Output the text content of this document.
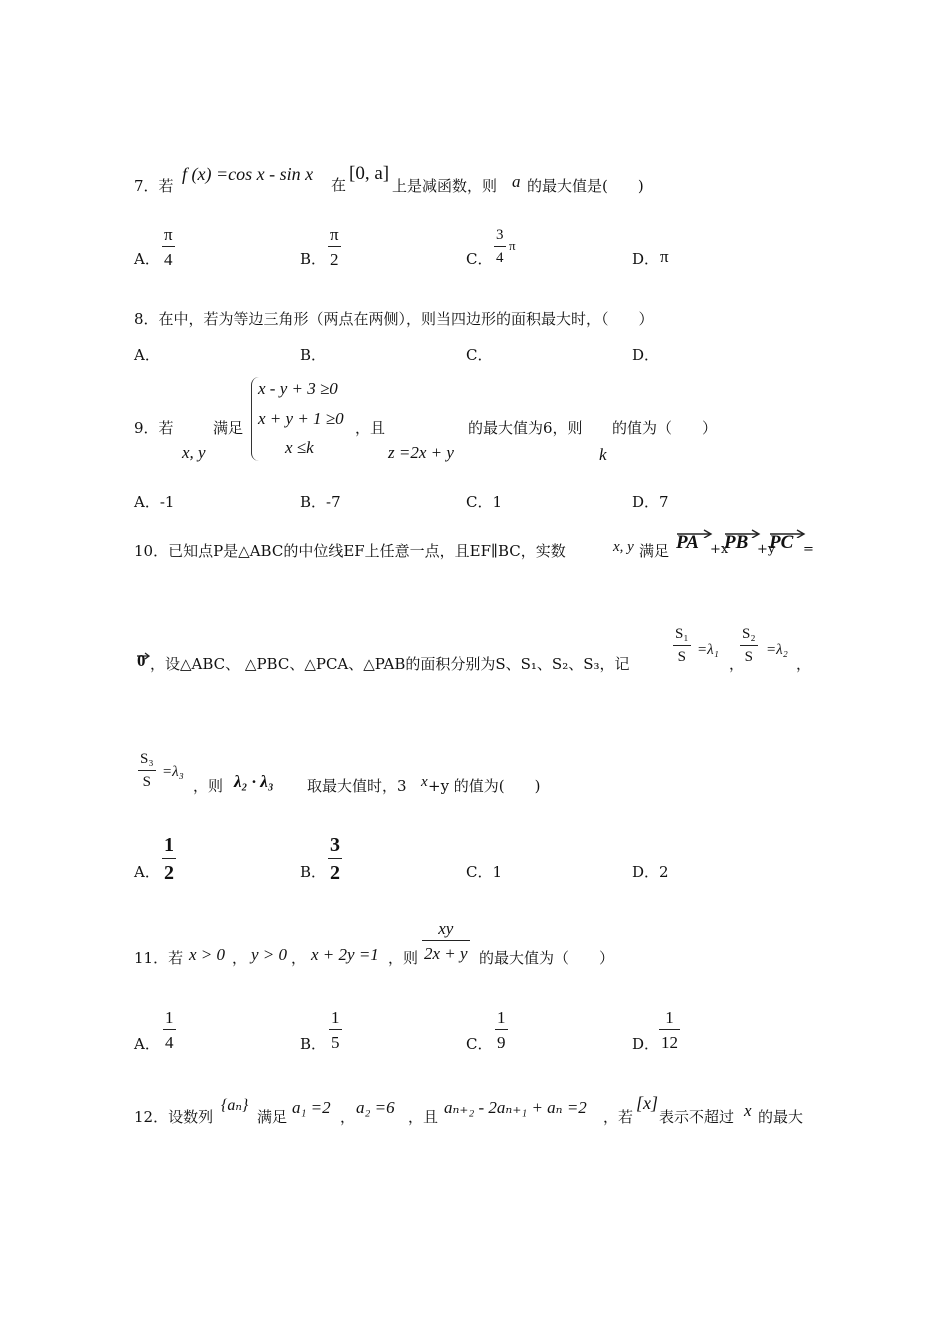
7．若
f (x) =cos x - sin x
在
[0, a]
上是减函数，则 a 的最大值是(　　)
A．
π
4	B．
π
2	C．
3
4
π
D． π
8．在中，若为等边三角形（两点在两侧），则当四边形的面积最大时，（　　）
A．	B．	C．	D．
9．若	满足
x, y
x - y + 3 ≥0
x + y + 1 ≥0
x ≤k
，且
z =2x + y
的最大值为6，则
k
的值为（　　）
A．-1	B．-7	C．1	D．7
10．已知点P是△ABC的中位线EF上任意一点，且EF∥BC，实数	x, y 满足 PA +x
PB +y
PC =
0 ，设△ABC、 △PBC、△PCA、△PAB的面积分别为S、S₁、S₂、S₃，记
S₁
S =λ₁
，
S₂
S =λ₂
，
S₃
S
=λ₃
，则 λ₂ · λ₃ 取最大值时，3 x +y 的值为(　　)
A．
1
2	B．
3
2	C．1	D．2
11．若 x > 0 ， y > 0 ， x + 2y =1 ，则
xy
2x + y 的最大值为（　　）
A．
1
4	B．
1
5	C．
1
9	D．
1
12
12．设数列
{aₙ}
满足 a₁ =2 ， a₂ =6 ，且 aₙ₊₂ - 2aₙ₊₁ + aₙ =2 ，若
[x]
表示不超过 x 的最大
